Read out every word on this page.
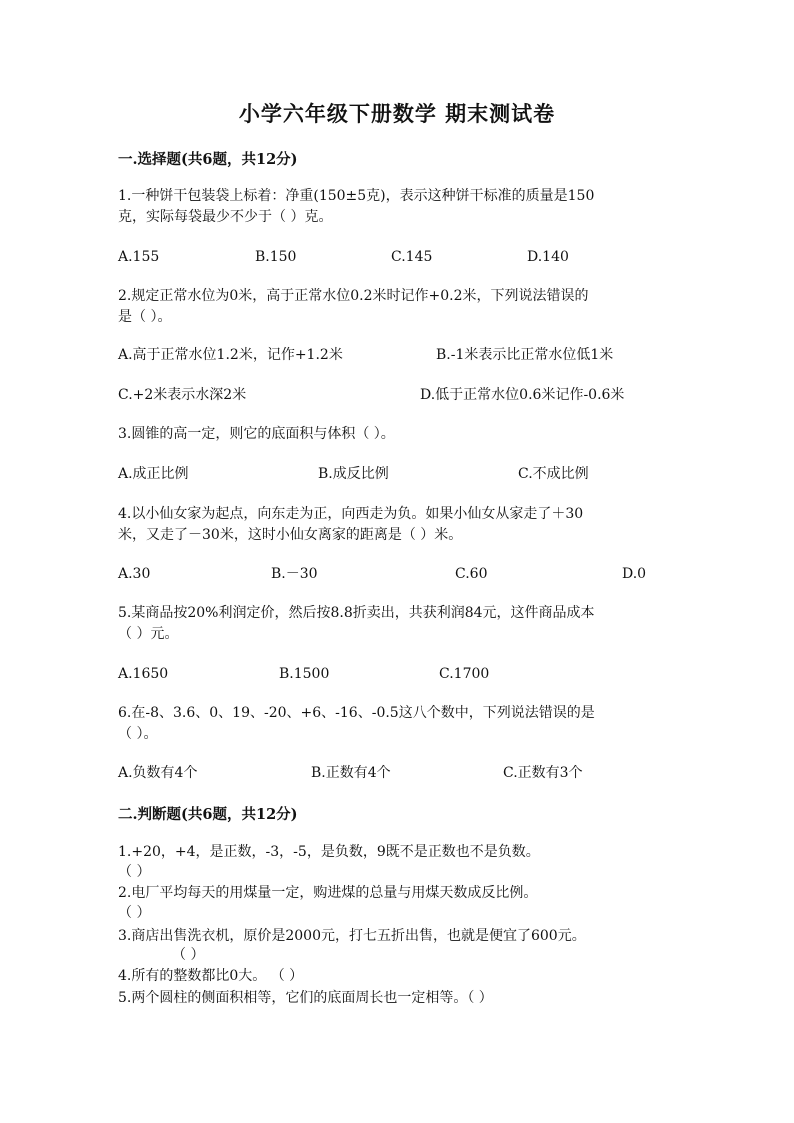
小学六年级下册数学 期末测试卷
一.选择题(共6题，共12分)
1.一种饼干包装袋上标着：净重(150±5克)，表示这种饼干标准的质量是150
克，实际每袋最少不少于（ ）克。
A.155	B.150	C.145	D.140
2.规定正常水位为0米，高于正常水位0.2米时记作+0.2米，下列说法错误的
是（ ）。
A.高于正常水位1.2米，记作+1.2米	B.-1米表示比正常水位低1米
C.+2米表示水深2米	D.低于正常水位0.6米记作-0.6米
3.圆锥的高一定，则它的底面积与体积（ ）。
A.成正比例	B.成反比例	C.不成比例
4.以小仙女家为起点，向东走为正，向西走为负。如果小仙女从家走了＋30
米，又走了－30米，这时小仙女离家的距离是（ ）米。
A.30	B.－30	C.60	D.0
5.某商品按20%利润定价，然后按8.8折卖出，共获利润84元，这件商品成本
（ ）元。
A.1650	B.1500	C.1700
6.在-8、3.6、0、19、-20、+6、-16、-0.5这八个数中，下列说法错误的是
（ ）。
A.负数有4个	B.正数有4个	C.正数有3个
二.判断题(共6题，共12分)
1.+20，+4，是正数，-3，-5，是负数，9既不是正数也不是负数。
（ ）
2.电厂平均每天的用煤量一定，购进煤的总量与用煤天数成反比例。
（ ）
3.商店出售洗衣机，原价是2000元，打七五折出售，也就是便宜了600元。
（ ）
4.所有的整数都比0大。 （ ）
5.两个圆柱的侧面积相等，它们的底面周长也一定相等。（ ）
